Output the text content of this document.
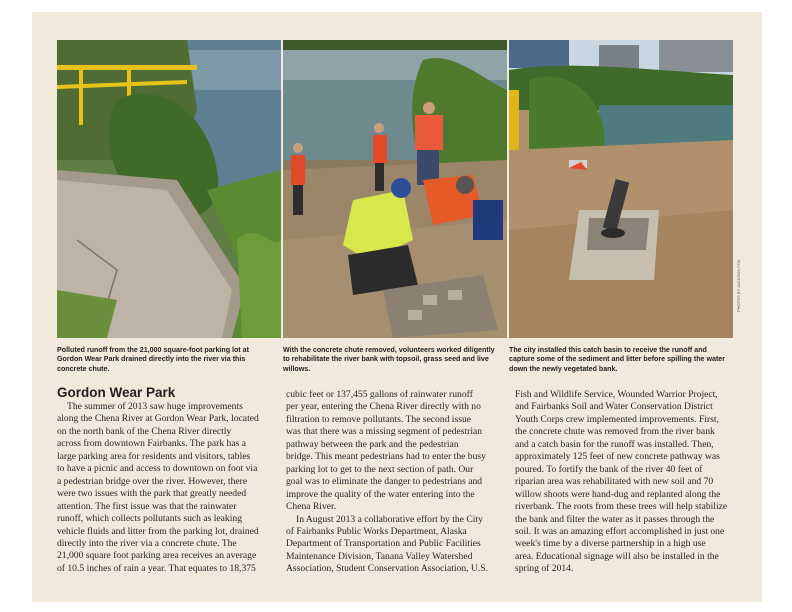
PHOTOS BY JACKSON FOX
Polluted runoff from the 21,000 square-foot parking lot at Gordon Wear Park drained directly into the river via this concrete chute.
With the concrete chute removed, volunteers worked diligently to rehabilitate the river bank with topsoil, grass seed and live willows.
The city installed this catch basin to receive the runoff and capture some of the sediment and litter before spilling the water down the newly vegetated bank.
Gordon Wear Park
The summer of 2013 saw huge improvements
along the Chena River at Gordon Wear Park, located
on the north bank of the Chena River directly
across from downtown Fairbanks. The park has a
large parking area for residents and visitors, tables
to have a picnic and access to downtown on foot via
a pedestrian bridge over the river. However, there
were two issues with the park that greatly needed
attention. The first issue was that the rainwater
runoff, which collects pollutants such as leaking
vehicle fluids and litter from the parking lot, drained
directly into the river via a concrete chute. The
21,000 square foot parking area receives an average
of 10.5 inches of rain a year. That equates to 18,375
cubic feet or 137,455 gallons of rainwater runoff
per year, entering the Chena River directly with no
filtration to remove pollutants. The second issue
was that there was a missing segment of pedestrian
pathway between the park and the pedestrian
bridge. This meant pedestrians had to enter the busy
parking lot to get to the next section of path. Our
goal was to eliminate the danger to pedestrians and
improve the quality of the water entering into the
Chena River.
In August 2013 a collaborative effort by the City
of Fairbanks Public Works Department, Alaska
Department of Transportation and Public Facilities
Maintenance Division, Tanana Valley Watershed
Association, Student Conservation Association, U.S.
Fish and Wildlife Service, Wounded Warrior Project,
and Fairbanks Soil and Water Conservation District
Youth Corps crew implemented improvements. First,
the concrete chute was removed from the river bank
and a catch basin for the runoff was installed. Then,
approximately 125 feet of new concrete pathway was
poured. To fortify the bank of the river 40 feet of
riparian area was rehabilitated with new soil and 70
willow shoots were hand-dug and replanted along the
riverbank. The roots from these trees will help stabilize
the bank and filter the water as it passes through the
soil. It was an amazing effort accomplished in just one
week's time by a diverse partnership in a high use
area. Educational signage will also be installed in the
spring of 2014.
